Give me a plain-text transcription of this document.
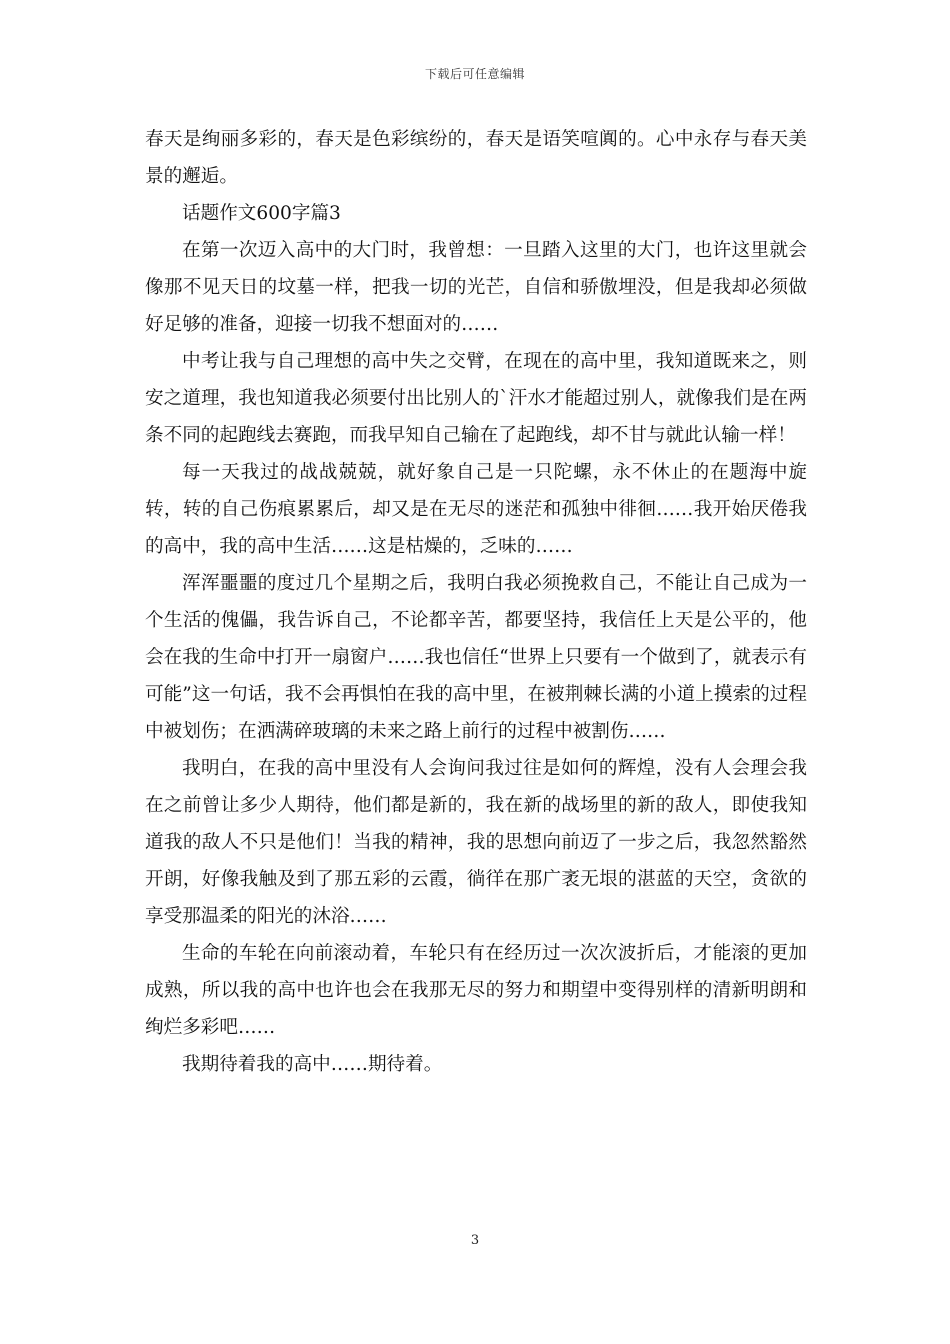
下载后可任意编辑

春天是绚丽多彩的，春天是色彩缤纷的，春天是语笑喧阗的。心中永存与春天美景的邂逅。

话题作文600字篇3

在第一次迈入高中的大门时，我曾想：一旦踏入这里的大门，也许这里就会像那不见天日的坟墓一样，把我一切的光芒，自信和骄傲埋没，但是我却必须做好足够的准备，迎接一切我不想面对的……

中考让我与自己理想的高中失之交臂，在现在的高中里，我知道既来之，则安之道理，我也知道我必须要付出比别人的`汗水才能超过别人，就像我们是在两条不同的起跑线去赛跑，而我早知自己输在了起跑线，却不甘与就此认输一样！

每一天我过的战战兢兢，就好象自己是一只陀螺，永不休止的在题海中旋转，转的自己伤痕累累后，却又是在无尽的迷茫和孤独中徘徊……我开始厌倦我的高中，我的高中生活……这是枯燥的，乏味的……

浑浑噩噩的度过几个星期之后，我明白我必须挽救自己，不能让自己成为一个生活的傀儡，我告诉自己，不论都辛苦，都要坚持，我信任上天是公平的，他会在我的生命中打开一扇窗户……我也信任“世界上只要有一个做到了，就表示有可能”这一句话，我不会再惧怕在我的高中里，在被荆棘长满的小道上摸索的过程中被划伤；在洒满碎玻璃的未来之路上前行的过程中被割伤……

我明白，在我的高中里没有人会询问我过往是如何的辉煌，没有人会理会我在之前曾让多少人期待，他们都是新的，我在新的战场里的新的敌人，即使我知道我的敌人不只是他们！当我的精神，我的思想向前迈了一步之后，我忽然豁然开朗，好像我触及到了那五彩的云霞，徜徉在那广袤无垠的湛蓝的天空，贪欲的享受那温柔的阳光的沐浴……

生命的车轮在向前滚动着，车轮只有在经历过一次次波折后，才能滚的更加成熟，所以我的高中也许也会在我那无尽的努力和期望中变得别样的清新明朗和绚烂多彩吧……

我期待着我的高中……期待着。

3
